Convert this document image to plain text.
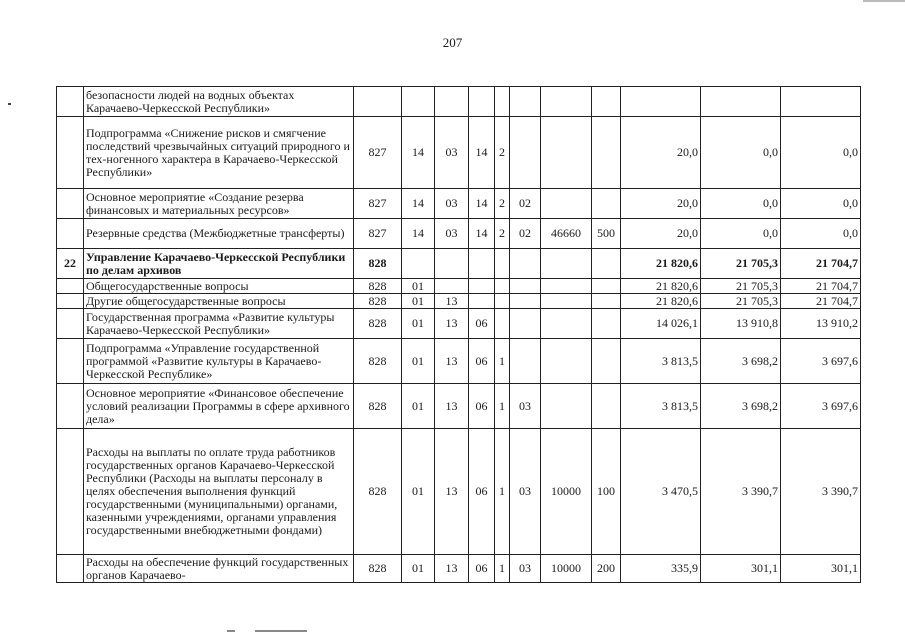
207
	безопасности людей на водных объектах Карачаево-Черкесской Республики»											
	Подпрограмма «Снижение рисков и смягчение последствий чрезвычайных ситуаций природного и тех-ногенного характера в Карачаево-Черкесской Республики»	827	14	03	14	2				20,0	0,0	0,0
	Основное мероприятие «Создание резерва финансовых и материальных ресурсов»	827	14	03	14	2	02			20,0	0,0	0,0
	Резервные средства (Межбюджетные трансферты)	827	14	03	14	2	02	46660	500	20,0	0,0	0,0
22	Управление Карачаево-Черкесской Республики по делам архивов	828								21 820,6	21 705,3	21 704,7
	Общегосударственные вопросы	828	01							21 820,6	21 705,3	21 704,7
	Другие общегосударственные вопросы	828	01	13						21 820,6	21 705,3	21 704,7
	Государственная программа «Развитие культуры Карачаево-Черкесской Республики»	828	01	13	06					14 026,1	13 910,8	13 910,2
	Подпрограмма «Управление государственной программой «Развитие культуры в Карачаево-Черкесской Республике»	828	01	13	06	1				3 813,5	3 698,2	3 697,6
	Основное мероприятие «Финансовое обеспечение условий реализации Программы в сфере архивного дела»	828	01	13	06	1	03			3 813,5	3 698,2	3 697,6
	Расходы на выплаты по оплате труда работников государственных органов Карачаево-Черкесской Республики (Расходы на выплаты персоналу в целях обеспечения выполнения функций государственными (муниципальными) органами, казенными учреждениями, органами управления государственными внебюджетными фондами)	828	01	13	06	1	03	10000	100	3 470,5	3 390,7	3 390,7
	Расходы на обеспечение функций государственных органов Карачаево-	828	01	13	06	1	03	10000	200	335,9	301,1	301,1
